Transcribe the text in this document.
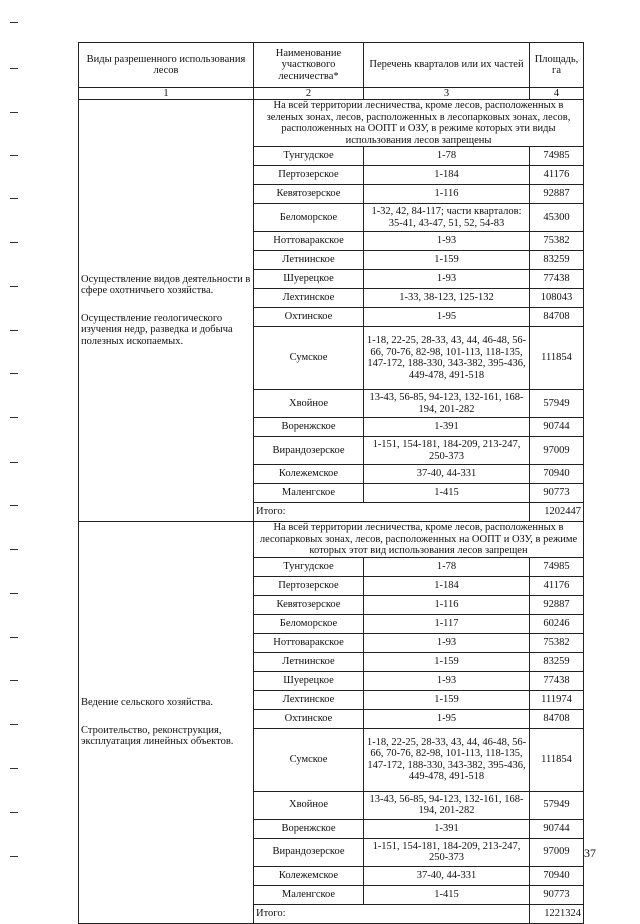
Виды разрешенного использования лесов	Наименование участкового лесничества*	Перечень кварталов или их частей	Площадь, га
1	2	3	4

Осуществление видов деятельности в сфере охотничьего хозяйства.
Осуществление геологического изучения недр, разведка и добыча полезных ископаемых.	На всей территории лесничества, кроме лесов, расположенных в зеленых зонах, лесов, расположенных в лесопарковых зонах, лесов, расположенных на ООПТ и ОЗУ, в режиме которых эти виды использования лесов запрещены		
	Тунгудское	1-78	74985
	Пертозерское	1-184	41176
	Кевятозерское	1-116	92887
	Беломорское	1-32, 42, 84-117; части кварталов: 35-41, 43-47, 51, 52, 54-83	45300
	Ноттоваракское	1-93	75382
	Летнинское	1-159	83259
	Шуерецкое	1-93	77438
	Лехтинское	1-33, 38-123, 125-132	108043
	Охтинское	1-95	84708
	Сумское	1-18, 22-25, 28-33, 43, 44, 46-48, 56-66, 70-76, 82-98, 101-113, 118-135, 147-172, 188-330, 343-382, 395-436, 449-478, 491-518	111854
	Хвойное	13-43, 56-85, 94-123, 132-161, 168-194, 201-282	57949
	Воренжское	1-391	90744
	Вирандозерское	1-151, 154-181, 184-209, 213-247, 250-373	97009
	Колежемское	37-40, 44-331	70940
	Маленгское	1-415	90773
	Итого:		1202447

Ведение сельского хозяйства.
Строительство, реконструкция, эксплуатация линейных объектов.	На всей территории лесничества, кроме лесов, расположенных в лесопарковых зонах, лесов, расположенных на ООПТ и ОЗУ, в режиме которых этот вид использования лесов запрещен		
	Тунгудское	1-78	74985
	Пертозерское	1-184	41176
	Кевятозерское	1-116	92887
	Беломорское	1-117	60246
	Ноттоваракское	1-93	75382
	Летнинское	1-159	83259
	Шуерецкое	1-93	77438
	Лехтинское	1-159	111974
	Охтинское	1-95	84708
	Сумское	1-18, 22-25, 28-33, 43, 44, 46-48, 56-66, 70-76, 82-98, 101-113, 118-135, 147-172, 188-330, 343-382, 395-436, 449-478, 491-518	111854
	Хвойное	13-43, 56-85, 94-123, 132-161, 168-194, 201-282	57949
	Воренжское	1-391	90744
	Вирандозерское	1-151, 154-181, 184-209, 213-247, 250-373	97009
	Колежемское	37-40, 44-331	70940
	Маленгское	1-415	90773
	Итого:		1221324
37
